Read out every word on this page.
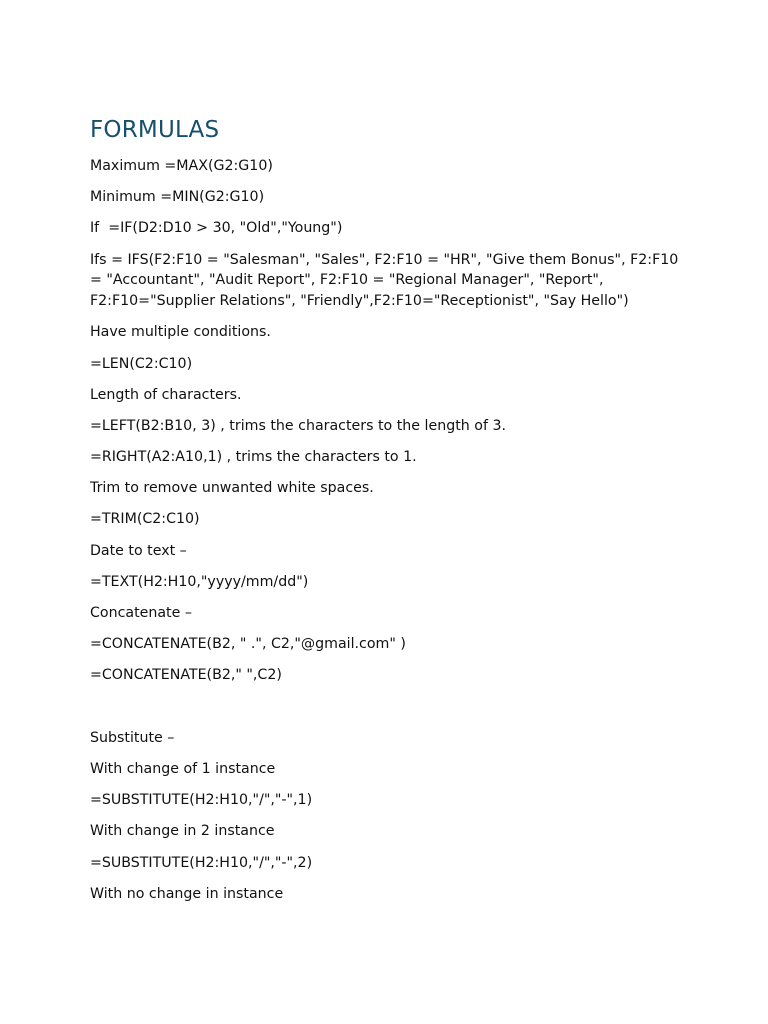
FORMULAS

Maximum =MAX(G2:G10)

Minimum =MIN(G2:G10)

If  =IF(D2:D10 > 30, "Old","Young")

Ifs = IFS(F2:F10 = "Salesman", "Sales", F2:F10 = "HR", "Give them Bonus", F2:F10 = "Accountant", "Audit Report", F2:F10 = "Regional Manager", "Report", F2:F10="Supplier Relations", "Friendly",F2:F10="Receptionist", "Say Hello")

Have multiple conditions.

=LEN(C2:C10)

Length of characters.

=LEFT(B2:B10, 3) , trims the characters to the length of 3.

=RIGHT(A2:A10,1) , trims the characters to 1.

Trim to remove unwanted white spaces.

=TRIM(C2:C10)

Date to text –

=TEXT(H2:H10,"yyyy/mm/dd")

Concatenate –

=CONCATENATE(B2, " .", C2,"@gmail.com" )

=CONCATENATE(B2," ",C2)

Substitute –

With change of 1 instance

=SUBSTITUTE(H2:H10,"/","-",1)

With change in 2 instance

=SUBSTITUTE(H2:H10,"/","-",2)

With no change in instance
